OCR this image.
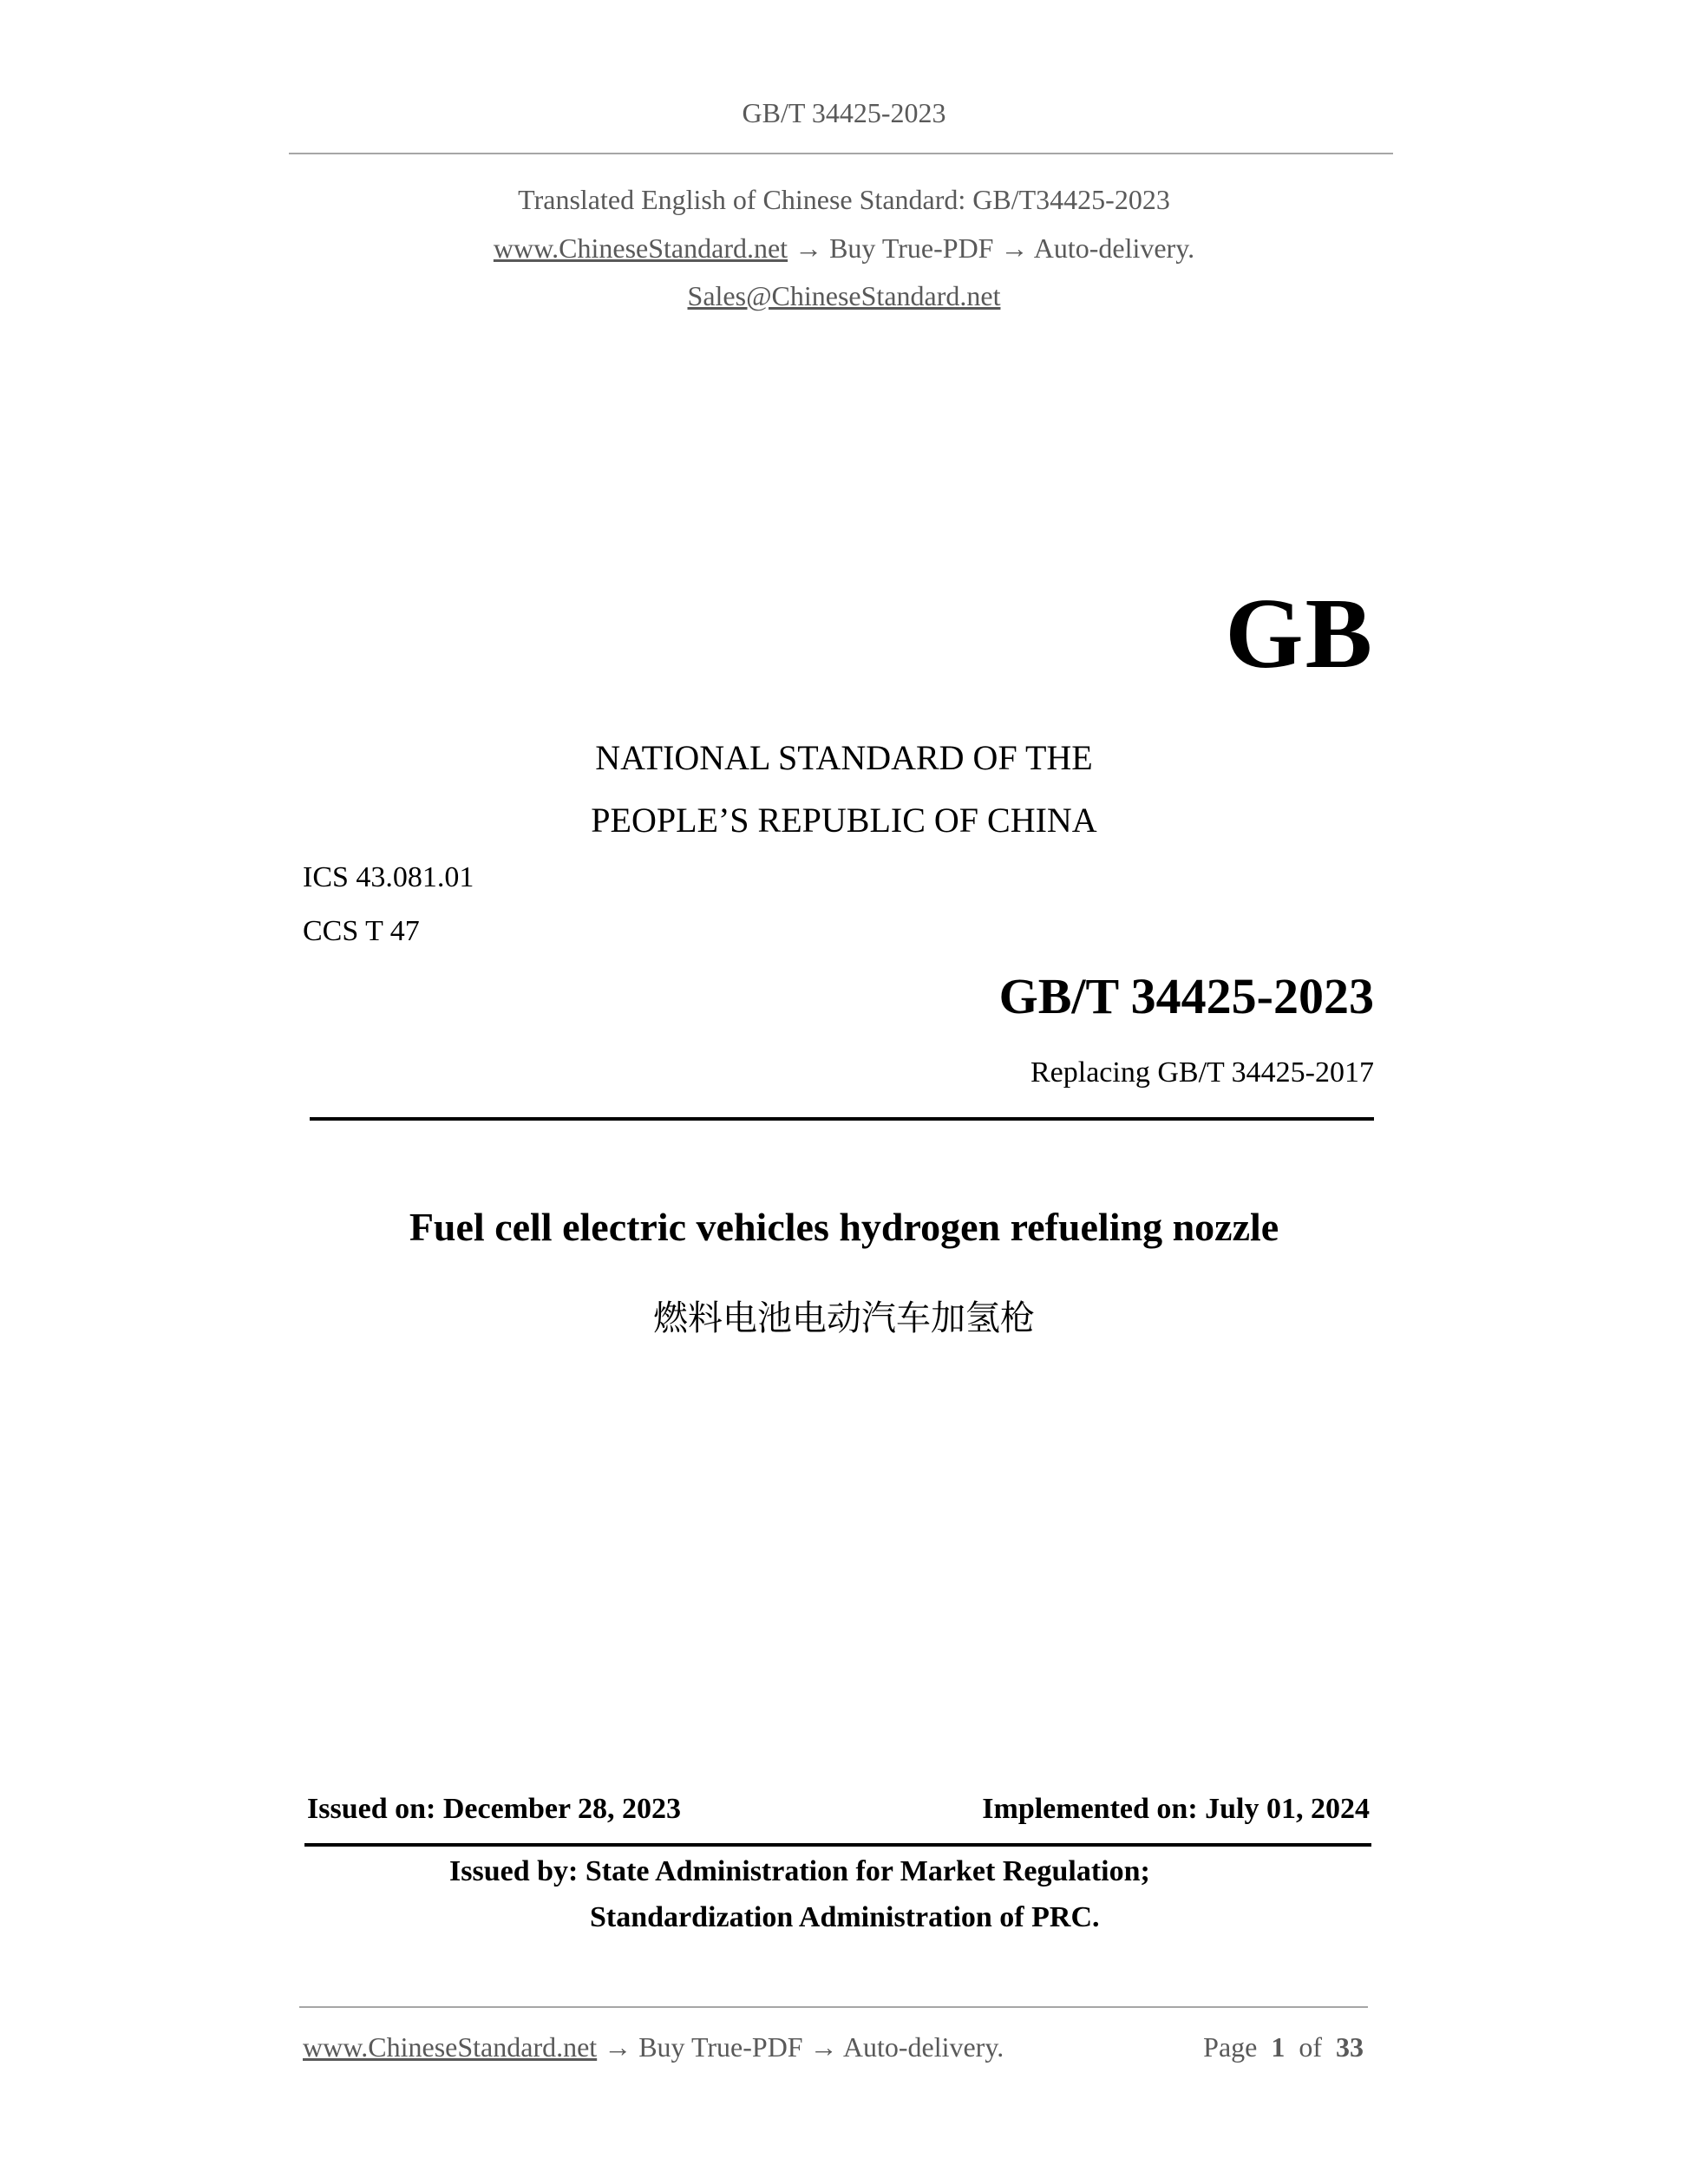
GB/T 34425-2023
Translated English of Chinese Standard: GB/T34425-2023
www.ChineseStandard.net → Buy True-PDF → Auto-delivery.
Sales@ChineseStandard.net
GB
NATIONAL STANDARD OF THE
PEOPLE’S REPUBLIC OF CHINA
ICS 43.081.01
CCS T 47
GB/T 34425-2023
Replacing GB/T 34425-2017
Fuel cell electric vehicles hydrogen refueling nozzle
燃料电池电动汽车加氢枪
Issued on: December 28, 2023	Implemented on: July 01, 2024
Issued by: State Administration for Market Regulation;
Standardization Administration of PRC.
www.ChineseStandard.net → Buy True-PDF → Auto-delivery.	Page 1 of 33
